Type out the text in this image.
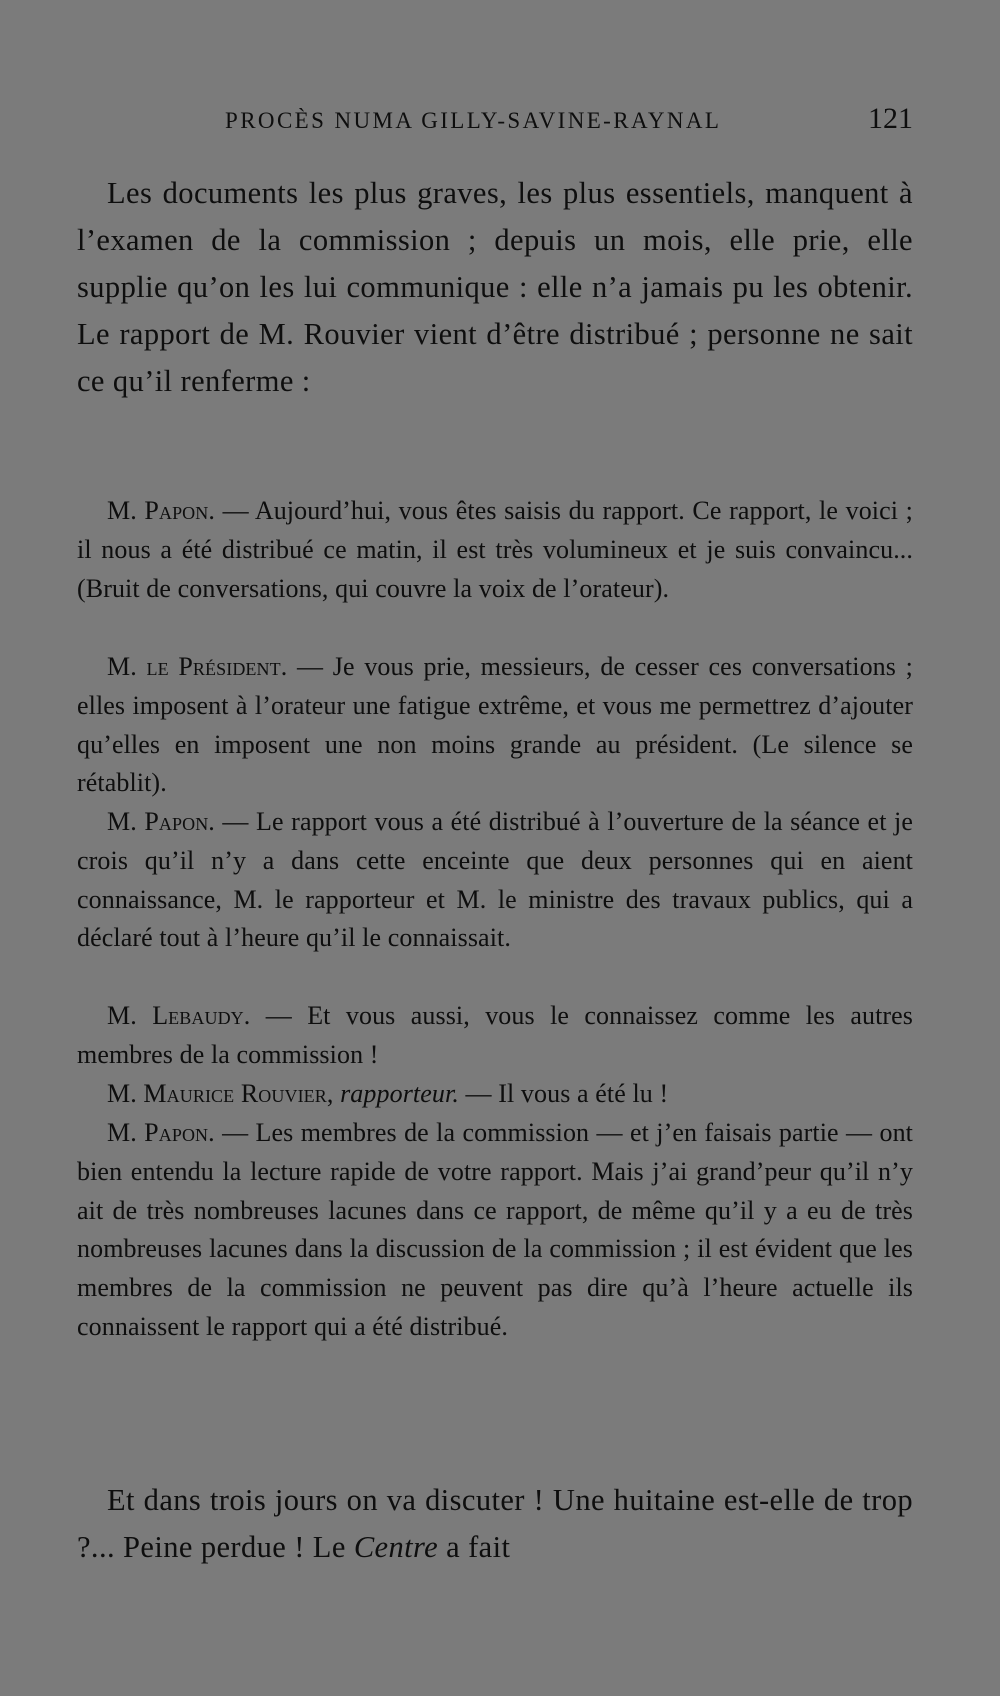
PROCÈS NUMA GILLY-SAVINE-RAYNAL	121

Les documents les plus graves, les plus essentiels, manquent à l’examen de la commission ; depuis un mois, elle prie, elle supplie qu’on les lui communique : elle n’a jamais pu les obtenir. Le rapport de M. Rouvier vient d’être distribué ; personne ne sait ce qu’il renferme :

M. Papon. — Aujourd’hui, vous êtes saisis du rapport. Ce rapport, le voici ; il nous a été distribué ce matin, il est très volumineux et je suis convaincu... (Bruit de conversations, qui couvre la voix de l’orateur).

M. le Président. — Je vous prie, messieurs, de cesser ces conversations ; elles imposent à l’orateur une fatigue extrême, et vous me permettrez d’ajouter qu’elles en imposent une non moins grande au président. (Le silence se rétablit).

M. Papon. — Le rapport vous a été distribué à l’ouverture de la séance et je crois qu’il n’y a dans cette enceinte que deux personnes qui en aient connaissance, M. le rapporteur et M. le ministre des travaux publics, qui a déclaré tout à l’heure qu’il le connaissait.

M. Lebaudy. — Et vous aussi, vous le connaissez comme les autres membres de la commission !

M. Maurice Rouvier, rapporteur. — Il vous a été lu !

M. Papon. — Les membres de la commission — et j’en faisais partie — ont bien entendu la lecture rapide de votre rapport. Mais j’ai grand’peur qu’il n’y ait de très nombreuses lacunes dans ce rapport, de même qu’il y a eu de très nombreuses lacunes dans la discussion de la commission ; il est évident que les membres de la commission ne peuvent pas dire qu’à l’heure actuelle ils connaissent le rapport qui a été distribué.

Et dans trois jours on va discuter ! Une huitaine est-elle de trop ?... Peine perdue ! Le Centre a fait
